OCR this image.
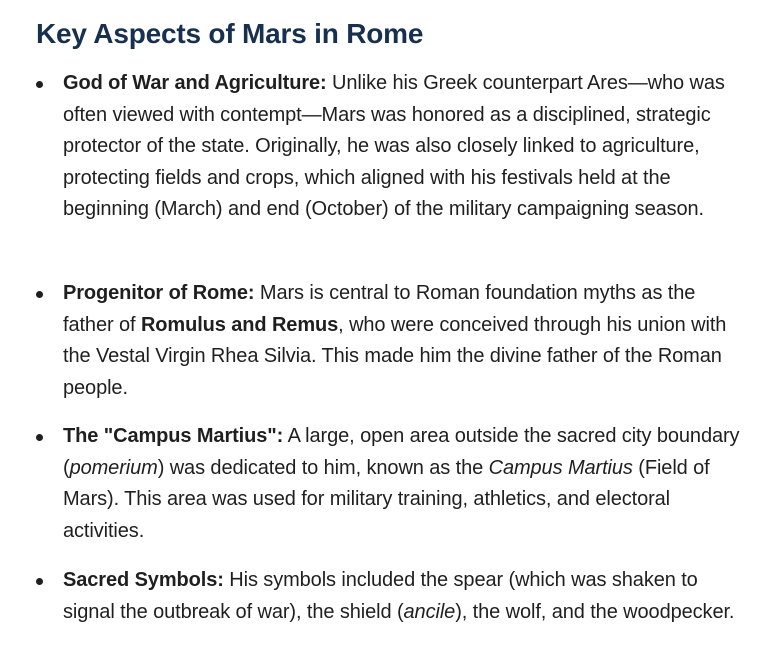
Key Aspects of Mars in Rome
God of War and Agriculture: Unlike his Greek counterpart Ares—who was often viewed with contempt—Mars was honored as a disciplined, strategic protector of the state. Originally, he was also closely linked to agriculture, protecting fields and crops, which aligned with his festivals held at the beginning (March) and end (October) of the military campaigning season.
Progenitor of Rome: Mars is central to Roman foundation myths as the father of Romulus and Remus, who were conceived through his union with the Vestal Virgin Rhea Silvia. This made him the divine father of the Roman people.
The "Campus Martius": A large, open area outside the sacred city boundary (pomerium) was dedicated to him, known as the Campus Martius (Field of Mars). This area was used for military training, athletics, and electoral activities.
Sacred Symbols: His symbols included the spear (which was shaken to signal the outbreak of war), the shield (ancile), the wolf, and the woodpecker.
